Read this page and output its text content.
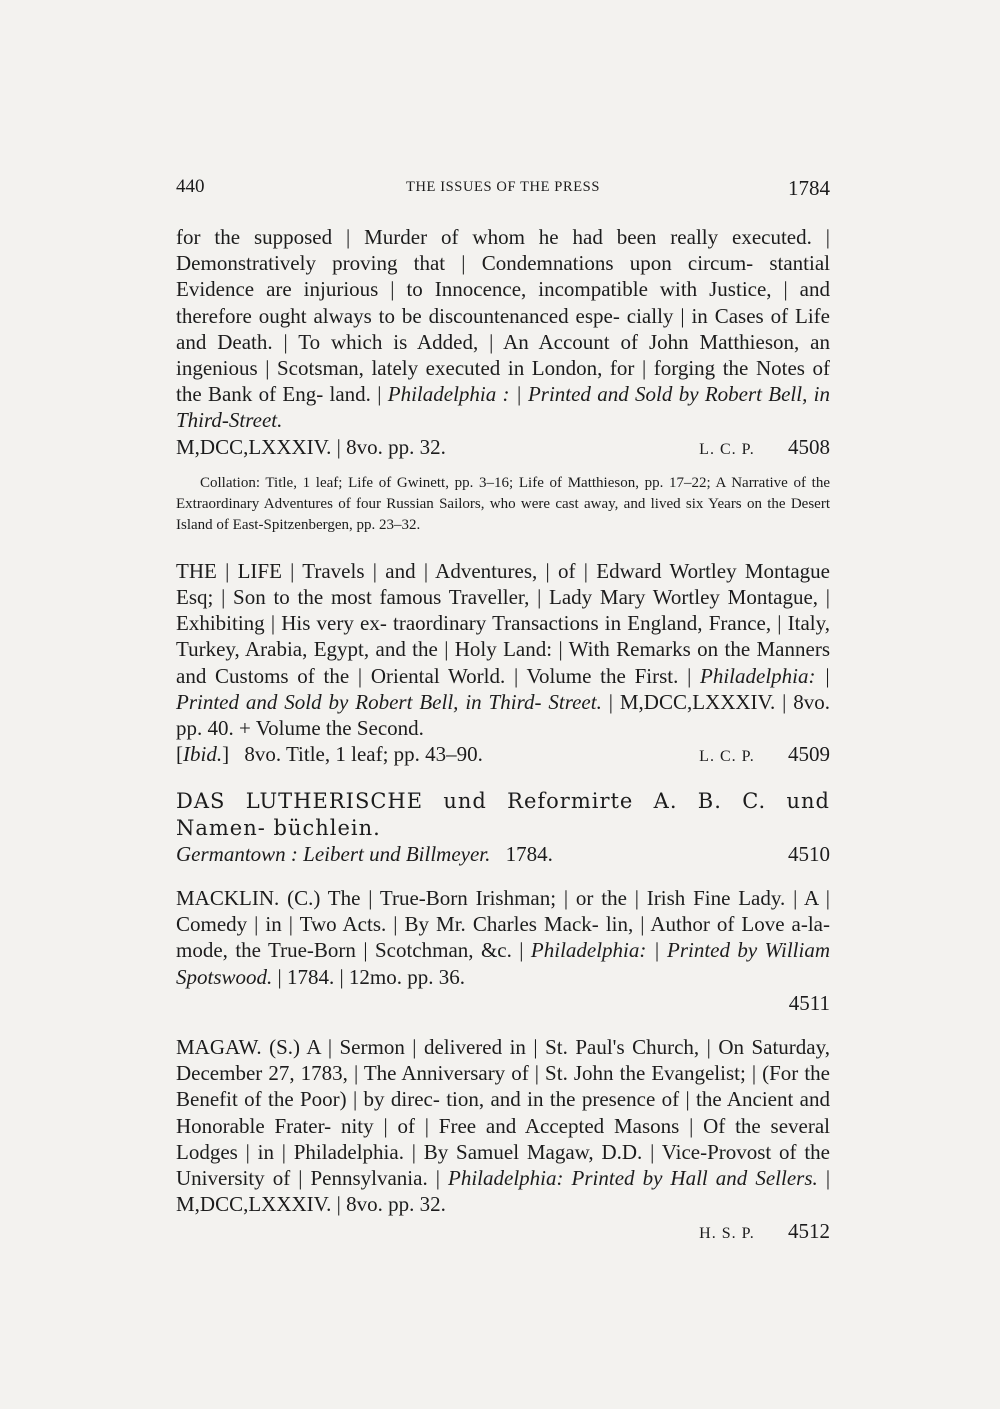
440	THE ISSUES OF THE PRESS	1784

for the supposed | Murder of whom he had been really executed. | Demonstratively proving that | Condemnations upon circum- stantial Evidence are injurious | to Innocence, incompatible with Justice, | and therefore ought always to be discountenanced espe- cially | in Cases of Life and Death. | To which is Added, | An Account of John Matthieson, an ingenious | Scotsman, lately executed in London, for | forging the Notes of the Bank of Eng- land. | Philadelphia : | Printed and Sold by Robert Bell, in Third-Street.

M,DCC,LXXXIV. | 8vo. pp. 32.	L. C. P. 4508

Collation: Title, 1 leaf; Life of Gwinett, pp. 3–16; Life of Matthieson, pp. 17–22; A Narrative of the Extraordinary Adventures of four Russian Sailors, who were cast away, and lived six Years on the Desert Island of East-Spitzenbergen, pp. 23–32.

THE | LIFE | Travels | and | Adventures, | of | Edward Wortley Montague Esq; | Son to the most famous Traveller, | Lady Mary Wortley Montague, | Exhibiting | His very ex- traordinary Transactions in England, France, | Italy, Turkey, Arabia, Egypt, and the | Holy Land: | With Remarks on the Manners and Customs of the | Oriental World. | Volume the First. | Philadelphia: | Printed and Sold by Robert Bell, in Third- Street. | M,DCC,LXXXIV. | 8vo. pp. 40. + Volume the Second.

[Ibid.] 8vo. Title, 1 leaf; pp. 43–90.	L. C. P. 4509

DAS LUTHERISCHE und Reformirte A. B. C. und Namen- büchlein.

Germantown : Leibert und Billmeyer. 1784.	4510

MACKLIN. (C.) The | True-Born Irishman; | or the | Irish Fine Lady. | A | Comedy | in | Two Acts. | By Mr. Charles Mack- lin, | Author of Love a-la-mode, the True-Born | Scotchman, &c. | Philadelphia: | Printed by William Spotswood. | 1784. | 12mo. pp. 36.

4511

MAGAW. (S.) A | Sermon | delivered in | St. Paul's Church, | On Saturday, December 27, 1783, | The Anniversary of | St. John the Evangelist; | (For the Benefit of the Poor) | by direc- tion, and in the presence of | the Ancient and Honorable Frater- nity | of | Free and Accepted Masons | Of the several Lodges | in | Philadelphia. | By Samuel Magaw, D.D. | Vice-Provost of the University of | Pennsylvania. | Philadelphia: Printed by Hall and Sellers. | M,DCC,LXXXIV. | 8vo. pp. 32.

H. S. P. 4512
